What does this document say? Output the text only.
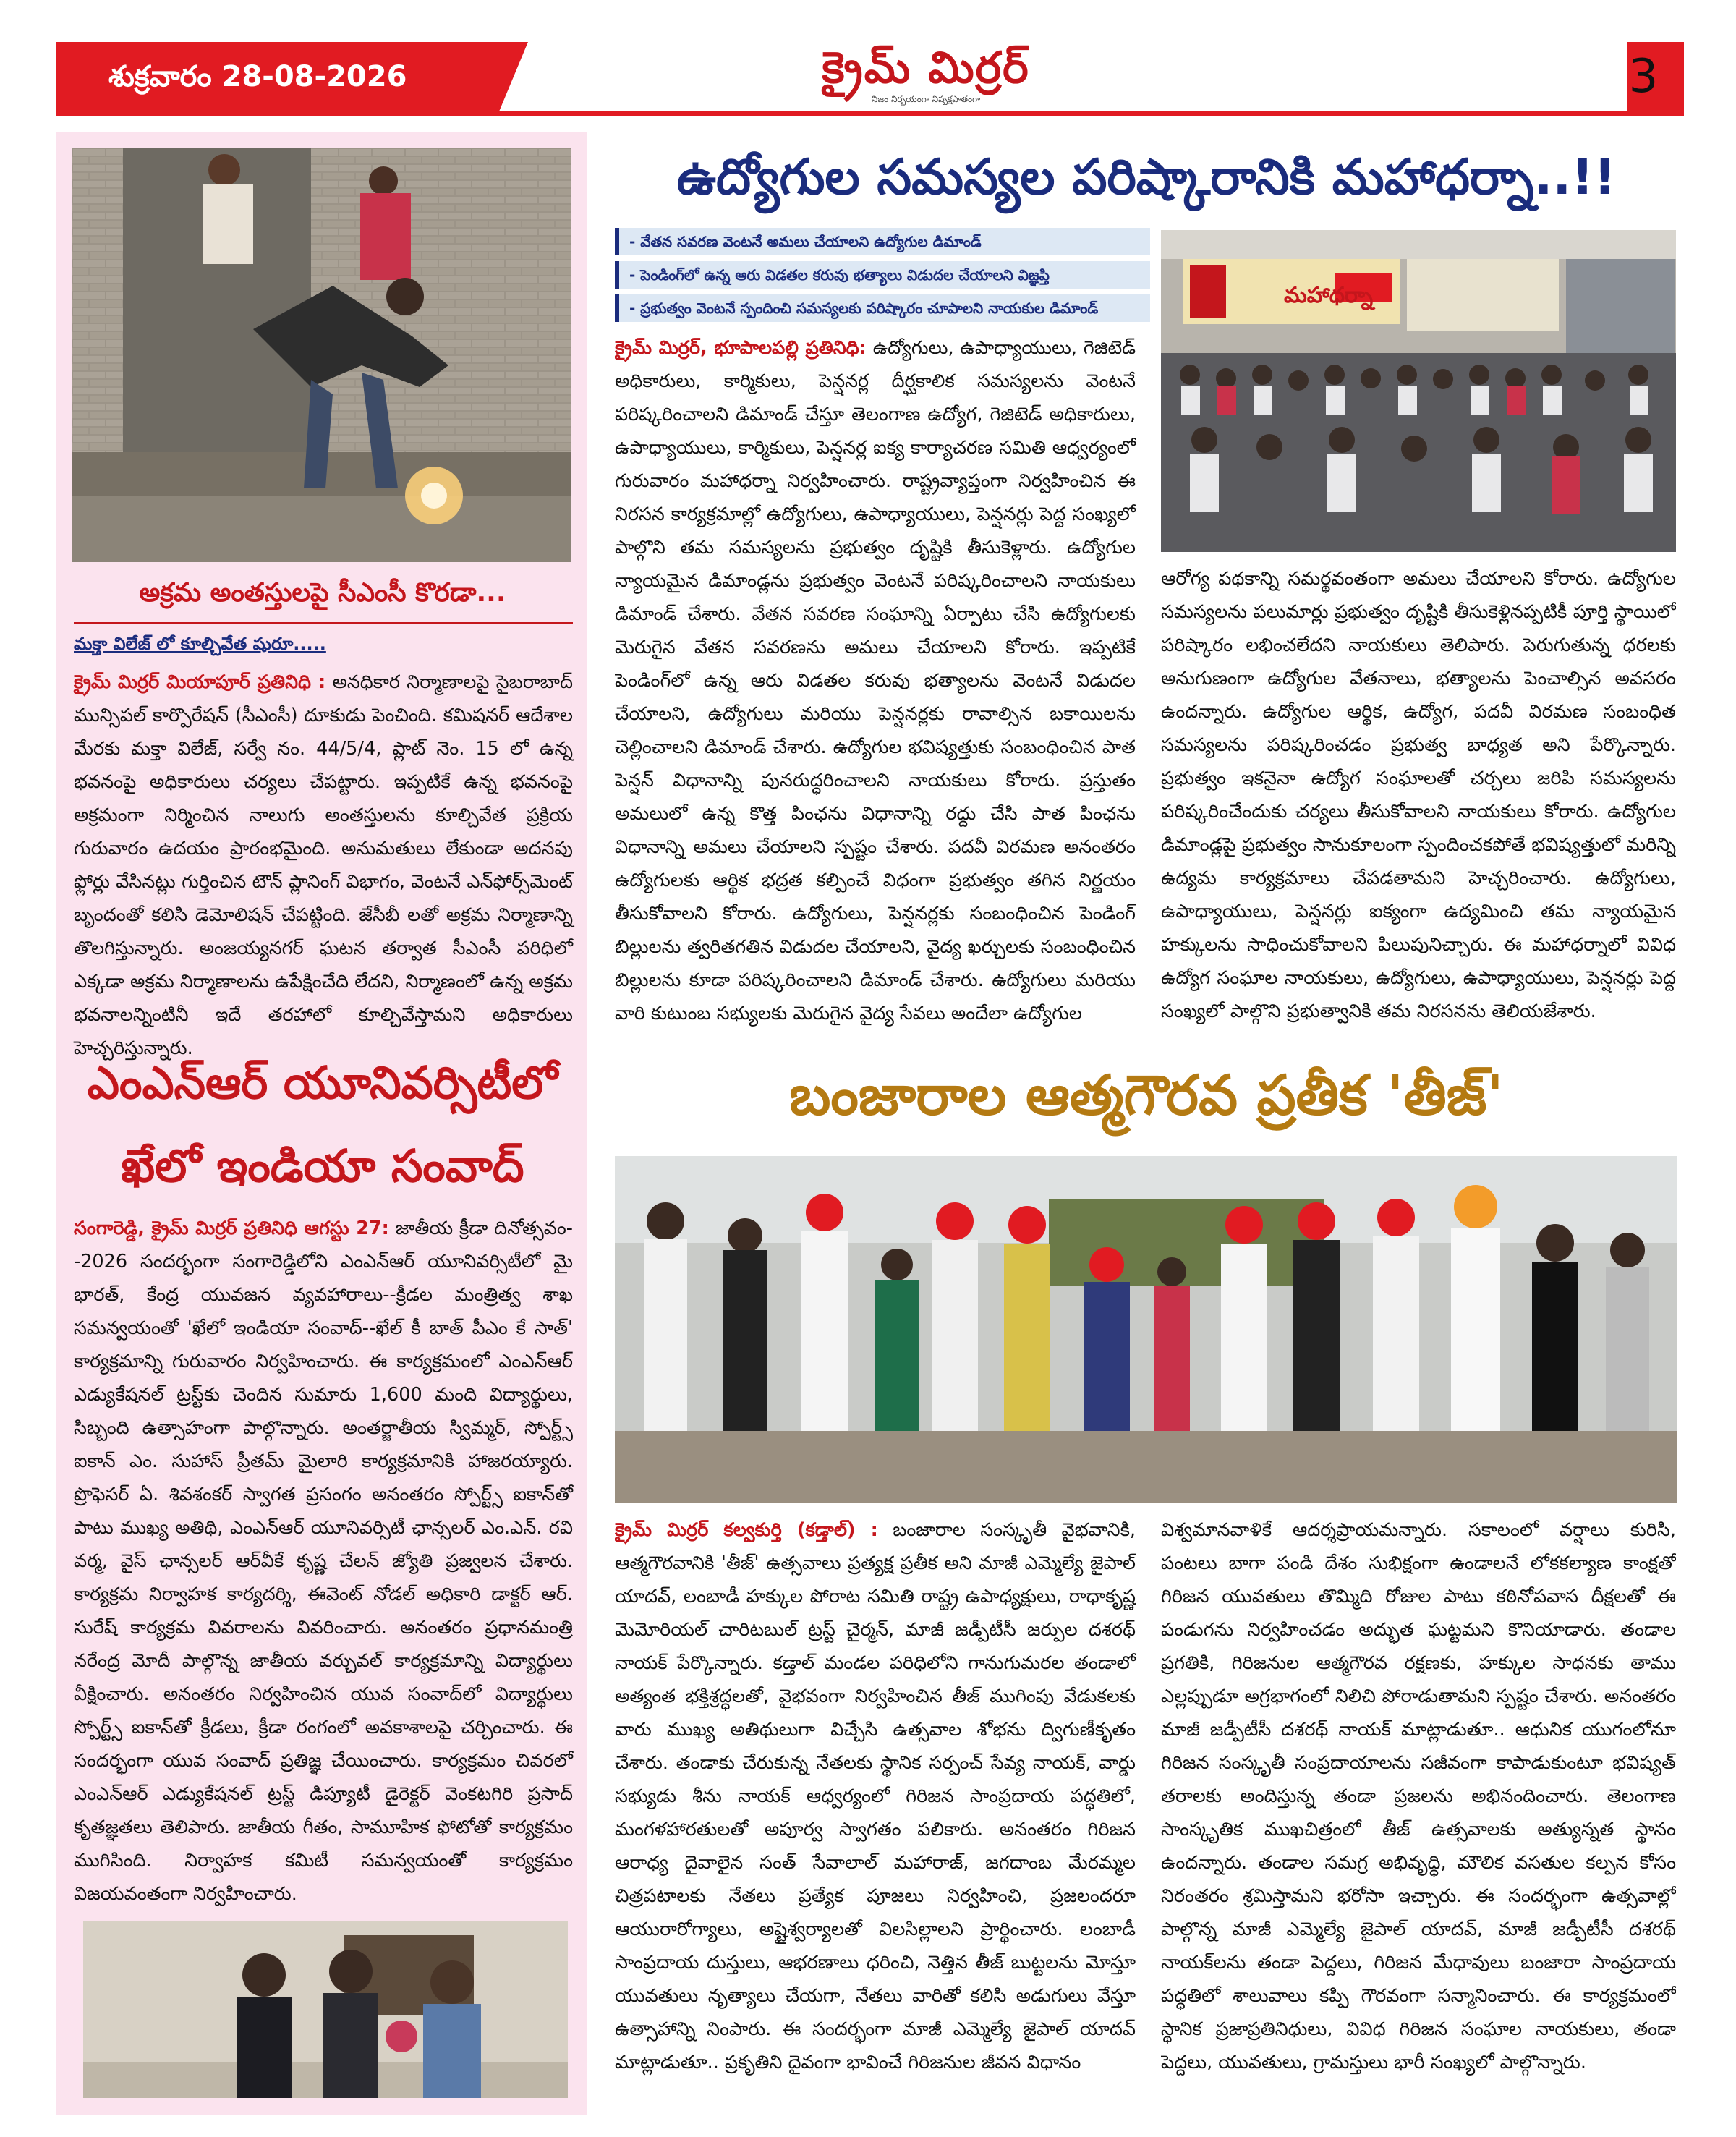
శుక్రవారం 28-08-2026	క్రైమ్ మిర్రర్
నిజం నిర్భయంగా నిష్పక్షపాతంగా	3
అక్రమ అంతస్తులపై సీఎంసీ కొరడా...
మక్తా విలేజ్ లో కూల్చివేత షురూ.....
క్రైమ్ మిర్రర్ మియాపూర్ ప్రతినిధి : అనధికార నిర్మాణాలపై సైబరాబాద్ మున్సిపల్ కార్పొరేషన్ (సీఎంసీ) దూకుడు పెంచింది. కమిషనర్ ఆదేశాల మేరకు మక్తా విలేజ్, సర్వే నం. 44/5/4, ప్లాట్ నెం. 15 లో ఉన్న భవనంపై అధికారులు చర్యలు చేపట్టారు. ఇప్పటికే ఉన్న భవనంపై అక్రమంగా నిర్మించిన నాలుగు అంతస్తులను కూల్చివేత ప్రక్రియ గురువారం ఉదయం ప్రారంభమైంది. అనుమతులు లేకుండా అదనపు ఫ్లోర్లు వేసినట్లు గుర్తించిన టౌన్ ప్లానింగ్ విభాగం, వెంటనే ఎన్‌ఫోర్స్‌మెంట్ బృందంతో కలిసి డెమోలిషన్ చేపట్టింది. జేసీబీ లతో అక్రమ నిర్మాణాన్ని తొలగిస్తున్నారు. అంజయ్యనగర్ ఘటన తర్వాత సీఎంసీ పరిధిలో ఎక్కడా అక్రమ నిర్మాణాలను ఉపేక్షించేది లేదని, నిర్మాణంలో ఉన్న అక్రమ భవనాలన్నింటినీ ఇదే తరహాలో కూల్చివేస్తామని అధికారులు హెచ్చరిస్తున్నారు.
ఎంఎన్ఆర్ యూనివర్సిటీలో
ఖేలో ఇండియా సంవాద్
సంగారెడ్డి, క్రైమ్ మిర్రర్ ప్రతినిధి ఆగస్టు 27: జాతీయ క్రీడా దినోత్సవం--2026 సందర్భంగా సంగారెడ్డిలోని ఎంఎన్ఆర్ యూనివర్సిటీలో మై భారత్, కేంద్ర యువజన వ్యవహారాలు--క్రీడల మంత్రిత్వ శాఖ సమన్వయంతో 'ఖేలో ఇండియా సంవాద్--ఖేల్ కీ బాత్ పీఎం కే సాత్' కార్యక్రమాన్ని గురువారం నిర్వహించారు. ఈ కార్యక్రమంలో ఎంఎన్ఆర్ ఎడ్యుకేషనల్ ట్రస్ట్‌కు చెందిన సుమారు 1,600 మంది విద్యార్థులు, సిబ్బంది ఉత్సాహంగా పాల్గొన్నారు. అంతర్జాతీయ స్విమ్మర్, స్పోర్ట్స్ ఐకాన్ ఎం. సుహాస్ ప్రీతమ్ మైలారి కార్యక్రమానికి హాజరయ్యారు. ప్రొఫెసర్ ఏ. శివశంకర్ స్వాగత ప్రసంగం అనంతరం స్పోర్ట్స్ ఐకాన్‌తో పాటు ముఖ్య అతిథి, ఎంఎన్ఆర్ యూనివర్సిటీ ఛాన్సలర్ ఎం.ఎన్. రవి వర్మ, వైస్ ఛాన్సలర్ ఆర్‌వీకే కృష్ణ చేలన్ జ్యోతి ప్రజ్వలన చేశారు. కార్యక్రమ నిర్వాహక కార్యదర్శి, ఈవెంట్ నోడల్ అధికారి డాక్టర్ ఆర్. సురేష్ కార్యక్రమ వివరాలను వివరించారు. అనంతరం ప్రధానమంత్రి నరేంద్ర మోదీ పాల్గొన్న జాతీయ వర్చువల్ కార్యక్రమాన్ని విద్యార్థులు వీక్షించారు. అనంతరం నిర్వహించిన యువ సంవాద్‌లో విద్యార్థులు స్పోర్ట్స్ ఐకాన్‌తో క్రీడలు, క్రీడా రంగంలో అవకాశాలపై చర్చించారు. ఈ సందర్భంగా యువ సంవాద్ ప్రతిజ్ఞ చేయించారు. కార్యక్రమం చివరలో ఎంఎన్ఆర్ ఎడ్యుకేషనల్ ట్రస్ట్ డిప్యూటీ డైరెక్టర్ వెంకటగిరి ప్రసాద్ కృతజ్ఞతలు తెలిపారు. జాతీయ గీతం, సామూహిక ఫోటోతో కార్యక్రమం ముగిసింది. నిర్వాహక కమిటీ సమన్వయంతో కార్యక్రమం విజయవంతంగా నిర్వహించారు.
ఉద్యోగుల సమస్యల పరిష్కారానికి మహాధర్నా..!!
- వేతన సవరణ వెంటనే అమలు చేయాలని ఉద్యోగుల డిమాండ్
- పెండింగ్‌లో ఉన్న ఆరు విడతల కరువు భత్యాలు విడుదల చేయాలని విజ్ఞప్తి
- ప్రభుత్వం వెంటనే స్పందించి సమస్యలకు పరిష్కారం చూపాలని నాయకుల డిమాండ్
క్రైమ్ మిర్రర్, భూపాలపల్లి ప్రతినిధి: ఉద్యోగులు, ఉపాధ్యాయులు, గెజిటెడ్ అధికారులు, కార్మికులు, పెన్షనర్ల దీర్ఘకాలిక సమస్యలను వెంటనే పరిష్కరించాలని డిమాండ్ చేస్తూ తెలంగాణ ఉద్యోగ, గెజిటెడ్ అధికారులు, ఉపాధ్యాయులు, కార్మికులు, పెన్షనర్ల ఐక్య కార్యాచరణ సమితి ఆధ్వర్యంలో గురువారం మహాధర్నా నిర్వహించారు. రాష్ట్రవ్యాప్తంగా నిర్వహించిన ఈ నిరసన కార్యక్రమాల్లో ఉద్యోగులు, ఉపాధ్యాయులు, పెన్షనర్లు పెద్ద సంఖ్యలో పాల్గొని తమ సమస్యలను ప్రభుత్వం దృష్టికి తీసుకెళ్లారు. ఉద్యోగుల న్యాయమైన డిమాండ్లను ప్రభుత్వం వెంటనే పరిష్కరించాలని నాయకులు డిమాండ్ చేశారు. వేతన సవరణ సంఘాన్ని ఏర్పాటు చేసి ఉద్యోగులకు మెరుగైన వేతన సవరణను అమలు చేయాలని కోరారు. ఇప్పటికే పెండింగ్‌లో ఉన్న ఆరు విడతల కరువు భత్యాలను వెంటనే విడుదల చేయాలని, ఉద్యోగులు మరియు పెన్షనర్లకు రావాల్సిన బకాయిలను చెల్లించాలని డిమాండ్ చేశారు. ఉద్యోగుల భవిష్యత్తుకు సంబంధించిన పాత పెన్షన్ విధానాన్ని పునరుద్ధరించాలని నాయకులు కోరారు. ప్రస్తుతం అమలులో ఉన్న కొత్త పింఛను విధానాన్ని రద్దు చేసి పాత పింఛను విధానాన్ని అమలు చేయాలని స్పష్టం చేశారు. పదవీ విరమణ అనంతరం ఉద్యోగులకు ఆర్థిక భద్రత కల్పించే విధంగా ప్రభుత్వం తగిన నిర్ణయం తీసుకోవాలని కోరారు. ఉద్యోగులు, పెన్షనర్లకు సంబంధించిన పెండింగ్ బిల్లులను త్వరితగతిన విడుదల చేయాలని, వైద్య ఖర్చులకు సంబంధించిన బిల్లులను కూడా పరిష్కరించాలని డిమాండ్ చేశారు. ఉద్యోగులు మరియు వారి కుటుంబ సభ్యులకు మెరుగైన వైద్య సేవలు అందేలా ఉద్యోగుల
మహాధర్నా
ఆరోగ్య పథకాన్ని సమర్థవంతంగా అమలు చేయాలని కోరారు. ఉద్యోగుల సమస్యలను పలుమార్లు ప్రభుత్వం దృష్టికి తీసుకెళ్లినప్పటికీ పూర్తి స్థాయిలో పరిష్కారం లభించలేదని నాయకులు తెలిపారు. పెరుగుతున్న ధరలకు అనుగుణంగా ఉద్యోగుల వేతనాలు, భత్యాలను పెంచాల్సిన అవసరం ఉందన్నారు. ఉద్యోగుల ఆర్థిక, ఉద్యోగ, పదవీ విరమణ సంబంధిత సమస్యలను పరిష్కరించడం ప్రభుత్వ బాధ్యత అని పేర్కొన్నారు. ప్రభుత్వం ఇకనైనా ఉద్యోగ సంఘాలతో చర్చలు జరిపి సమస్యలను పరిష్కరించేందుకు చర్యలు తీసుకోవాలని నాయకులు కోరారు. ఉద్యోగుల డిమాండ్లపై ప్రభుత్వం సానుకూలంగా స్పందించకపోతే భవిష్యత్తులో మరిన్ని ఉద్యమ కార్యక్రమాలు చేపడతామని హెచ్చరించారు. ఉద్యోగులు, ఉపాధ్యాయులు, పెన్షనర్లు ఐక్యంగా ఉద్యమించి తమ న్యాయమైన హక్కులను సాధించుకోవాలని పిలుపునిచ్చారు. ఈ మహాధర్నాలో వివిధ ఉద్యోగ సంఘాల నాయకులు, ఉద్యోగులు, ఉపాధ్యాయులు, పెన్షనర్లు పెద్ద సంఖ్యలో పాల్గొని ప్రభుత్వానికి తమ నిరసనను తెలియజేశారు.
బంజారాల ఆత్మగౌరవ ప్రతీక 'తీజ్'
క్రైమ్ మిర్రర్ కల్వకుర్తి (కడ్తాల్) : బంజారాల సంస్కృతీ వైభవానికి, ఆత్మగౌరవానికి 'తీజ్' ఉత్సవాలు ప్రత్యక్ష ప్రతీక అని మాజీ ఎమ్మెల్యే జైపాల్ యాదవ్, లంబాడీ హక్కుల పోరాట సమితి రాష్ట్ర ఉపాధ్యక్షులు, రాధాకృష్ణ మెమోరియల్ చారిటబుల్ ట్రస్ట్ చైర్మన్, మాజీ జడ్పీటీసీ జర్పుల దశరథ్ నాయక్ పేర్కొన్నారు. కడ్తాల్ మండల పరిధిలోని గానుగుమరల తండాలో అత్యంత భక్తిశ్రద్ధలతో, వైభవంగా నిర్వహించిన తీజ్ ముగింపు వేడుకలకు వారు ముఖ్య అతిథులుగా విచ్చేసి ఉత్సవాల శోభను ద్విగుణీకృతం చేశారు. తండాకు చేరుకున్న నేతలకు స్థానిక సర్పంచ్ సేవ్య నాయక్, వార్డు సభ్యుడు శీను నాయక్ ఆధ్వర్యంలో గిరిజన సాంప్రదాయ పద్ధతిలో, మంగళహారతులతో అపూర్వ స్వాగతం పలికారు. అనంతరం గిరిజన ఆరాధ్య దైవాలైన సంత్ సేవాలాల్ మహారాజ్, జగదాంబ మేరమ్మల చిత్రపటాలకు నేతలు ప్రత్యేక పూజలు నిర్వహించి, ప్రజలందరూ ఆయురారోగ్యాలు, అష్టైశ్వర్యాలతో విలసిల్లాలని ప్రార్థించారు. లంబాడీ సాంప్రదాయ దుస్తులు, ఆభరణాలు ధరించి, నెత్తిన తీజ్ బుట్టలను మోస్తూ యువతులు నృత్యాలు చేయగా, నేతలు వారితో కలిసి అడుగులు వేస్తూ ఉత్సాహాన్ని నింపారు. ఈ సందర్భంగా మాజీ ఎమ్మెల్యే జైపాల్ యాదవ్ మాట్లాడుతూ.. ప్రకృతిని దైవంగా భావించే గిరిజనుల జీవన విధానం
విశ్వమానవాళికే ఆదర్శప్రాయమన్నారు. సకాలంలో వర్షాలు కురిసి, పంటలు బాగా పండి దేశం సుభిక్షంగా ఉండాలనే లోకకల్యాణ కాంక్షతో గిరిజన యువతులు తొమ్మిది రోజుల పాటు కఠినోపవాస దీక్షలతో ఈ పండుగను నిర్వహించడం అద్భుత ఘట్టమని కొనియాడారు. తండాల ప్రగతికి, గిరిజనుల ఆత్మగౌరవ రక్షణకు, హక్కుల సాధనకు తాము ఎల్లప్పుడూ అగ్రభాగంలో నిలిచి పోరాడుతామని స్పష్టం చేశారు. అనంతరం మాజీ జడ్పీటీసీ దశరథ్ నాయక్ మాట్లాడుతూ.. ఆధునిక యుగంలోనూ గిరిజన సంస్కృతీ సంప్రదాయాలను సజీవంగా కాపాడుకుంటూ భవిష్యత్ తరాలకు అందిస్తున్న తండా ప్రజలను అభినందించారు. తెలంగాణ సాంస్కృతిక ముఖచిత్రంలో తీజ్ ఉత్సవాలకు అత్యున్నత స్థానం ఉందన్నారు. తండాల సమగ్ర అభివృద్ధి, మౌలిక వసతుల కల్పన కోసం నిరంతరం శ్రమిస్తామని భరోసా ఇచ్చారు. ఈ సందర్భంగా ఉత్సవాల్లో పాల్గొన్న మాజీ ఎమ్మెల్యే జైపాల్ యాదవ్, మాజీ జడ్పీటీసీ దశరథ్ నాయక్‌లను తండా పెద్దలు, గిరిజన మేధావులు బంజారా సాంప్రదాయ పద్ధతిలో శాలువాలు కప్పి గౌరవంగా సన్మానించారు. ఈ కార్యక్రమంలో స్థానిక ప్రజాప్రతినిధులు, వివిధ గిరిజన సంఘాల నాయకులు, తండా పెద్దలు, యువతులు, గ్రామస్తులు భారీ సంఖ్యలో పాల్గొన్నారు.
